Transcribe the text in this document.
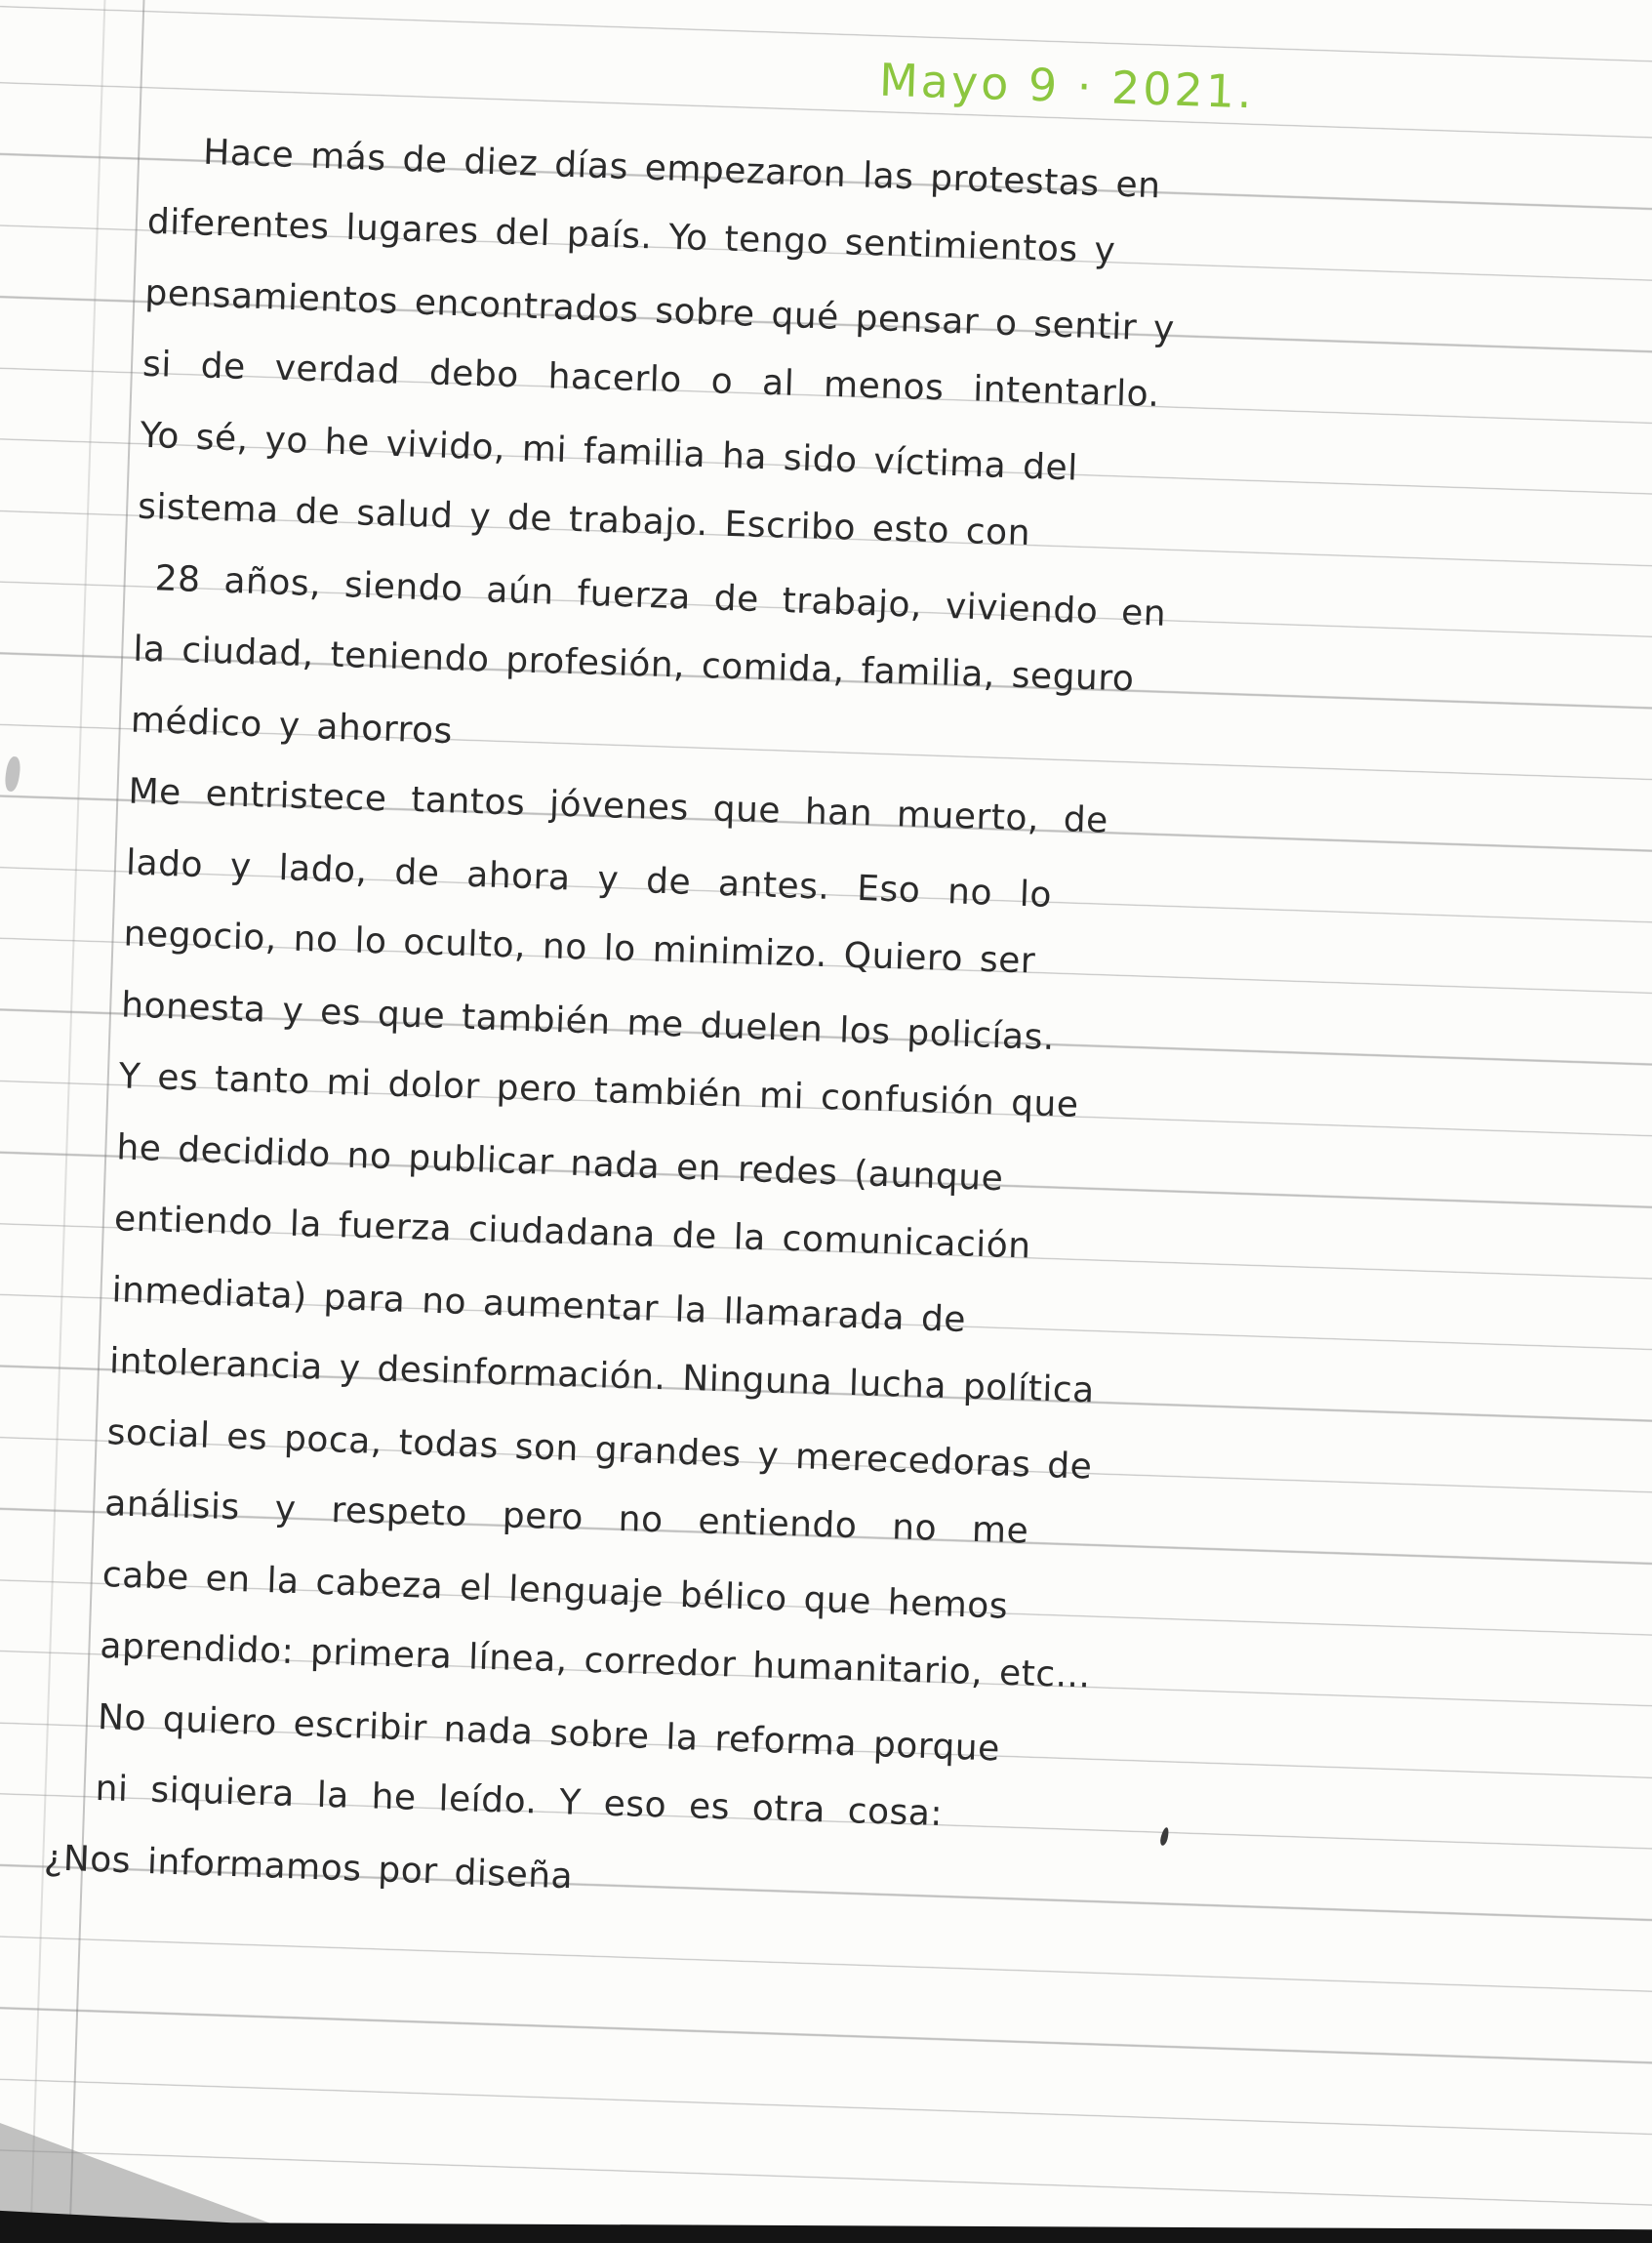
Mayo 9 · 2021.
Hace más de diez días empezaron las protestas en
diferentes lugares del país. Yo tengo sentimientos y
pensamientos encontrados sobre qué pensar o sentir y
si de verdad debo hacerlo o al menos intentarlo.
Yo sé, yo he vivido, mi familia ha sido víctima del
sistema de salud y de trabajo. Escribo esto con
28 años, siendo aún fuerza de trabajo, viviendo en
la ciudad, teniendo profesión, comida, familia, seguro
médico y ahorros
Me entristece tantos jóvenes que han muerto, de
lado y lado, de ahora y de antes. Eso no lo
negocio, no lo oculto, no lo minimizo. Quiero ser
honesta y es que también me duelen los policías.
Y es tanto mi dolor pero también mi confusión que
he decidido no publicar nada en redes (aunque
entiendo la fuerza ciudadana de la comunicación
inmediata) para no aumentar la llamarada de
intolerancia y desinformación. Ninguna lucha política
social es poca, todas son grandes y merecedoras de
análisis y respeto pero no entiendo no me
cabe en la cabeza el lenguaje bélico que hemos
aprendido: primera línea, corredor humanitario, etc...
No quiero escribir nada sobre la reforma porque
ni siquiera la he leído. Y eso es otra cosa:
¿Nos informamos por diseña
